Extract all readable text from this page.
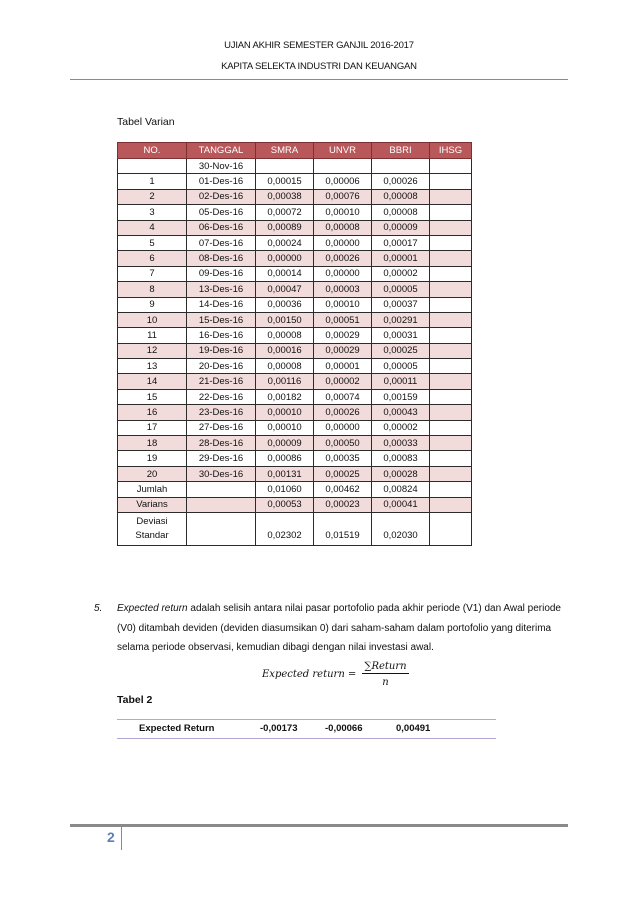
UJIAN AKHIR SEMESTER GANJIL 2016-2017
KAPITA SELEKTA INDUSTRI DAN KEUANGAN
Tabel Varian
NO.	TANGGAL	SMRA	UNVR	BBRI	IHSG
	30-Nov-16				
1	01-Des-16	0,00015	0,00006	0,00026	
2	02-Des-16	0,00038	0,00076	0,00008	
3	05-Des-16	0,00072	0,00010	0,00008	
4	06-Des-16	0,00089	0,00008	0,00009	
5	07-Des-16	0,00024	0,00000	0,00017	
6	08-Des-16	0,00000	0,00026	0,00001	
7	09-Des-16	0,00014	0,00000	0,00002	
8	13-Des-16	0,00047	0,00003	0,00005	
9	14-Des-16	0,00036	0,00010	0,00037	
10	15-Des-16	0,00150	0,00051	0,00291	
11	16-Des-16	0,00008	0,00029	0,00031	
12	19-Des-16	0,00016	0,00029	0,00025	
13	20-Des-16	0,00008	0,00001	0,00005	
14	21-Des-16	0,00116	0,00002	0,00011	
15	22-Des-16	0,00182	0,00074	0,00159	
16	23-Des-16	0,00010	0,00026	0,00043	
17	27-Des-16	0,00010	0,00000	0,00002	
18	28-Des-16	0,00009	0,00050	0,00033	
19	29-Des-16	0,00086	0,00035	0,00083	
20	30-Des-16	0,00131	0,00025	0,00028	
Jumlah		0,01060	0,00462	0,00824	
Varians		0,00053	0,00023	0,00041	

Deviasi
Standar		0,02302	0,01519	0,02030	
5. Expected return adalah selisih antara nilai pasar portofolio pada akhir periode (V1) dan Awal periode (V0) ditambah deviden (deviden diasumsikan 0) dari saham-saham dalam portofolio yang diterima selama periode observasi, kemudian dibagi dengan nilai investasi awal.
Expected return = $\frac{\text{∑Return}}{n}$
Tabel 2
Expected Return	-0,00173	-0,00066	0,00491
2
